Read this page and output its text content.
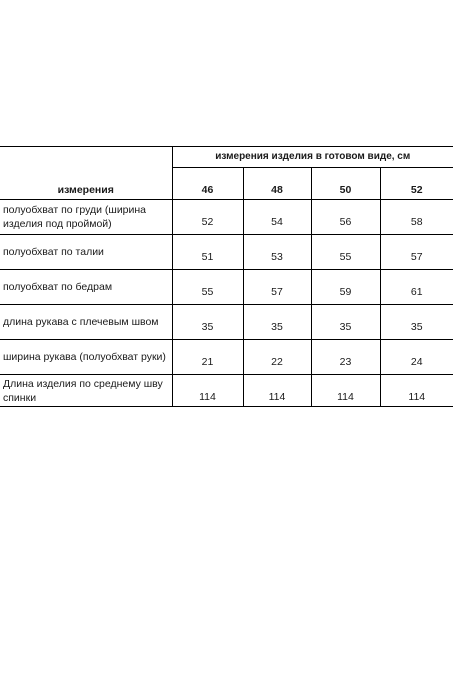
	измерения изделия в готовом виде, см			
измерения	46	48	50	52
полуобхват по груди (ширина изделия под проймой)	52	54	56	58
полуобхват по талии	51	53	55	57
полуобхват по бедрам	55	57	59	61
длина рукава с плечевым швом	35	35	35	35
ширина рукава (полуобхват руки)	21	22	23	24
Длина изделия по среднему шву спинки	114	114	114	114
